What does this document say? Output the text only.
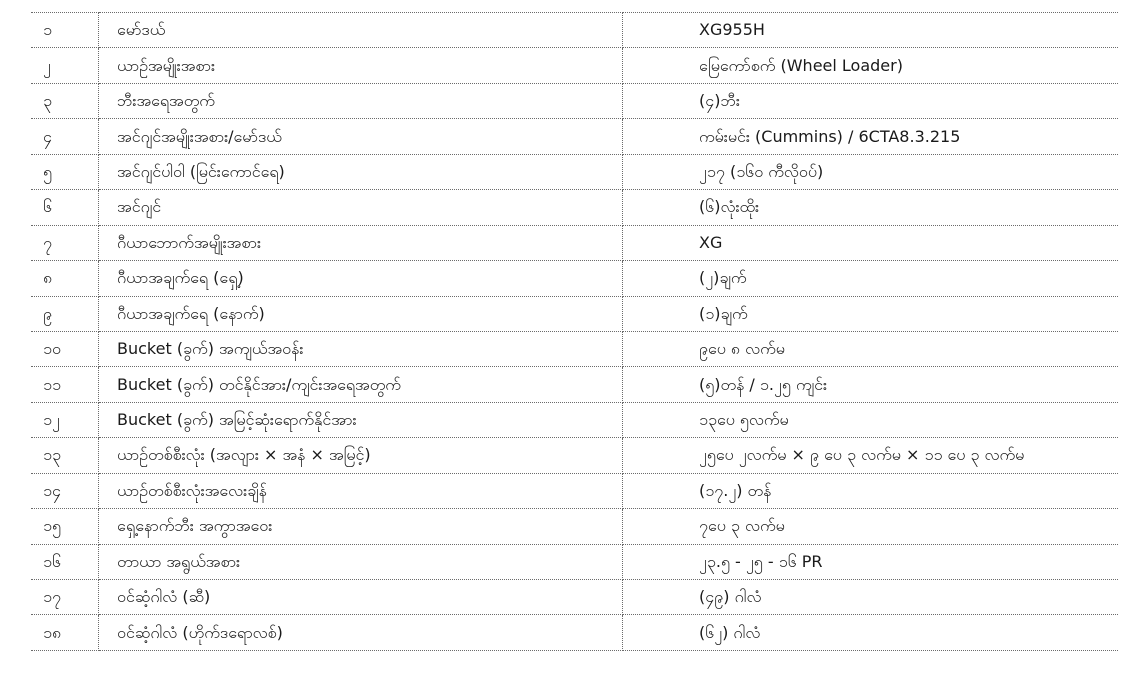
၁	မော်ဒယ်	XG955H
၂	ယာဉ်အမျိုးအစား	မြေကော်စက် (Wheel Loader)
၃	ဘီးအရေအတွက်	(၄)ဘီး
၄	အင်ဂျင်အမျိုးအစား/မော်ဒယ်	ကမ်းမင်း (Cummins) / 6CTA8.3.215
၅	အင်ဂျင်ပါဝါ (မြင်းကောင်ရေ)	၂၁၇ (၁၆၀ ကီလိုဝပ်)
၆	အင်ဂျင်	(၆)လုံးထိုး
၇	ဂီယာဘောက်အမျိုးအစား	XG
၈	ဂီယာအချက်ရေ (ရှေ့)	(၂)ချက်
၉	ဂီယာအချက်ရေ (နောက်)	(၁)ချက်
၁၀	Bucket (ခွက်) အကျယ်အဝန်း	၉ပေ ၈ လက်မ
၁၁	Bucket (ခွက်) တင်နိုင်အား/ကျင်းအရေအတွက်	(၅)တန် / ၁.၂၅ ကျင်း
၁၂	Bucket (ခွက်) အမြင့်ဆုံးရောက်နိုင်အား	၁၃ပေ ၅လက်မ
၁၃	ယာဉ်တစ်စီးလုံး (အလျား × အနံ × အမြင့်)	၂၅ပေ ၂လက်မ × ၉ ပေ ၃ လက်မ × ၁၁ ပေ ၃ လက်မ
၁၄	ယာဉ်တစ်စီးလုံးအလေးချိန်	(၁၇.၂) တန်
၁၅	ရှေ့နောက်ဘီး အကွာအဝေး	၇ပေ ၃ လက်မ
၁၆	တာယာ အရွယ်အစား	၂၃.၅ - ၂၅ - ၁၆ PR
၁၇	ဝင်ဆံ့ဂါလံ (ဆီ)	(၄၉) ဂါလံ
၁၈	ဝင်ဆံ့ဂါလံ (ဟိုက်ဒရောလစ်)	(၆၂) ဂါလံ
